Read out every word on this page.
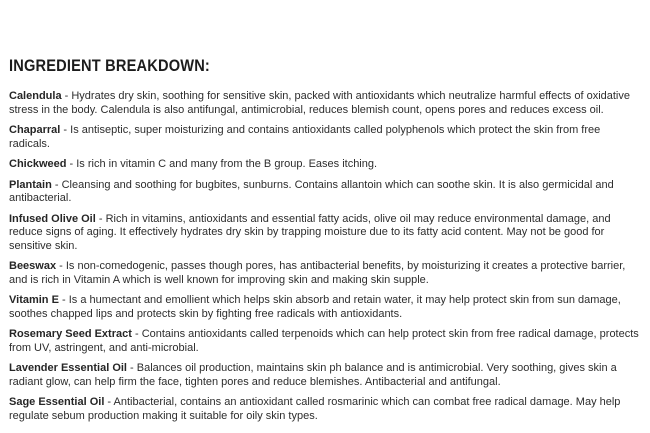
INGREDIENT BREAKDOWN:

Calendula - Hydrates dry skin, soothing for sensitive skin, packed with antioxidants which neutralize harmful effects of oxidative stress in the body. Calendula is also antifungal, antimicrobial, reduces blemish count, opens pores and reduces excess oil.

Chaparral - Is antiseptic, super moisturizing and contains antioxidants called polyphenols which protect the skin from free radicals.

Chickweed - Is rich in vitamin C and many from the B group. Eases itching.

Plantain - Cleansing and soothing for bugbites, sunburns. Contains allantoin which can soothe skin. It is also germicidal and antibacterial.

Infused Olive Oil - Rich in vitamins, antioxidants and essential fatty acids, olive oil may reduce environmental damage, and reduce signs of aging. It effectively hydrates dry skin by trapping moisture due to its fatty acid content. May not be good for sensitive skin.

Beeswax - Is non-comedogenic, passes though pores, has antibacterial benefits, by moisturizing it creates a protective barrier, and is rich in Vitamin A which is well known for improving skin and making skin supple.

Vitamin E - Is a humectant and emollient which helps skin absorb and retain water, it may help protect skin from sun damage, soothes chapped lips and protects skin by fighting free radicals with antioxidants.

Rosemary Seed Extract - Contains antioxidants called terpenoids which can help protect skin from free radical damage, protects from UV, astringent, and anti-microbial.

Lavender Essential Oil - Balances oil production, maintains skin ph balance and is antimicrobial. Very soothing, gives skin a radiant glow, can help firm the face, tighten pores and reduce blemishes. Antibacterial and antifungal.

Sage Essential Oil - Antibacterial, contains an antioxidant called rosmarinic which can combat free radical damage. May help regulate sebum production making it suitable for oily skin types.
